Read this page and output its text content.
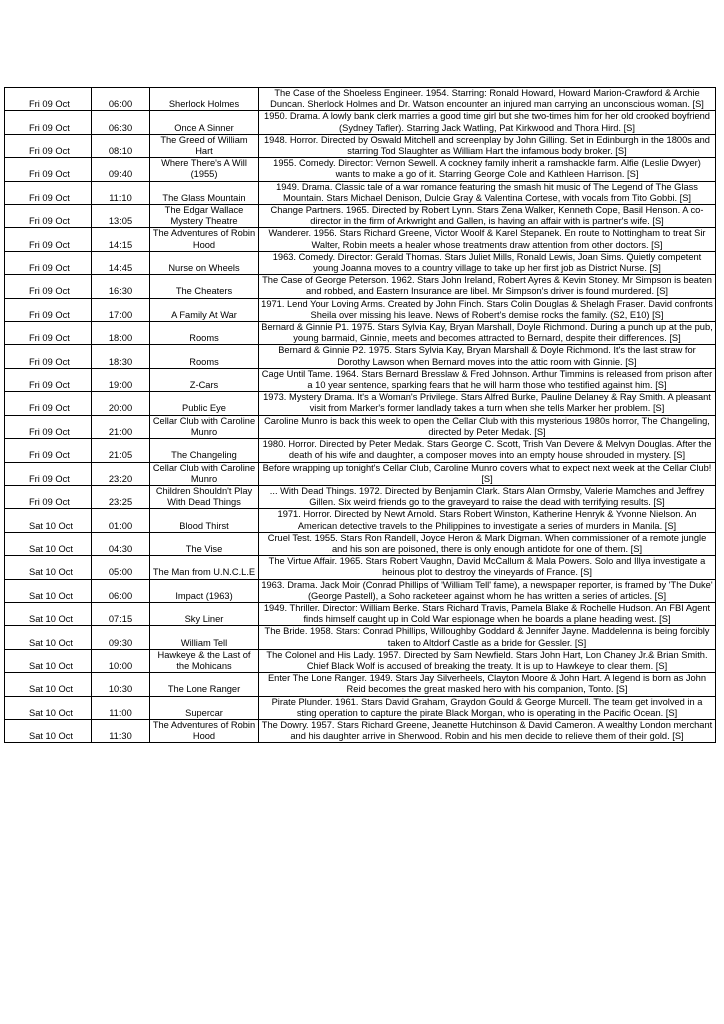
Fri 09 Oct	06:00	Sherlock Holmes	The Case of the Shoeless Engineer. 1954. Starring: Ronald Howard, Howard Marion-Crawford & Archie Duncan. Sherlock Holmes and Dr. Watson encounter an injured man carrying an unconscious woman. [S]
Fri 09 Oct	06:30	Once A Sinner	1950. Drama. A lowly bank clerk marries a good time girl but she two-times him for her old crooked boyfriend (Sydney Tafler). Starring Jack Watling, Pat Kirkwood and Thora Hird. [S]
Fri 09 Oct	08:10	The Greed of William Hart	1948. Horror. Directed by Oswald Mitchell and screenplay by John Gilling. Set in Edinburgh in the 1800s and starring Tod Slaughter as William Hart the infamous body broker. [S]
Fri 09 Oct	09:40	Where There's A Will (1955)	1955. Comedy. Director: Vernon Sewell. A cockney family inherit a ramshackle farm. Alfie (Leslie Dwyer) wants to make a go of it. Starring George Cole and Kathleen Harrison. [S]
Fri 09 Oct	11:10	The Glass Mountain	1949. Drama. Classic tale of a war romance featuring the smash hit music of The Legend of The Glass Mountain. Stars Michael Denison, Dulcie Gray & Valentina Cortese, with vocals from Tito Gobbi. [S]
Fri 09 Oct	13:05	The Edgar Wallace Mystery Theatre	Change Partners. 1965. Directed by Robert Lynn. Stars Zena Walker, Kenneth Cope, Basil Henson. A co-director in the firm of Arkwright and Gallen, is having an affair with is partner's wife. [S]
Fri 09 Oct	14:15	The Adventures of Robin Hood	Wanderer. 1956. Stars Richard Greene, Victor Woolf & Karel Stepanek. En route to Nottingham to treat Sir Walter, Robin meets a healer whose treatments draw attention from other doctors. [S]
Fri 09 Oct	14:45	Nurse on Wheels	1963. Comedy. Director: Gerald Thomas. Stars Juliet Mills, Ronald Lewis, Joan Sims. Quietly competent young Joanna moves to a country village to take up her first job as District Nurse. [S]
Fri 09 Oct	16:30	The Cheaters	The Case of George Peterson. 1962. Stars John Ireland, Robert Ayres & Kevin Stoney. Mr Simpson is beaten and robbed, and Eastern Insurance are libel. Mr Simpson's driver is found murdered. [S]
Fri 09 Oct	17:00	A Family At War	1971. Lend Your Loving Arms. Created by John Finch. Stars Colin Douglas & Shelagh Fraser. David confronts Sheila over missing his leave. News of Robert's demise rocks the family. (S2, E10) [S]
Fri 09 Oct	18:00	Rooms	Bernard & Ginnie P1. 1975. Stars Sylvia Kay, Bryan Marshall, Doyle Richmond. During a punch up at the pub, young barmaid, Ginnie, meets and becomes attracted to Bernard, despite their differences. [S]
Fri 09 Oct	18:30	Rooms	Bernard & Ginnie P2. 1975. Stars Sylvia Kay, Bryan Marshall & Doyle Richmond. It's the last straw for Dorothy Lawson when Bernard moves into the attic room with Ginnie. [S]
Fri 09 Oct	19:00	Z-Cars	Cage Until Tame. 1964. Stars Bernard Bresslaw & Fred Johnson. Arthur Timmins is released from prison after a 10 year sentence, sparking fears that he will harm those who testified against him. [S]
Fri 09 Oct	20:00	Public Eye	1973. Mystery Drama. It's a Woman's Privilege. Stars Alfred Burke, Pauline Delaney & Ray Smith. A pleasant visit from Marker's former landlady takes a turn when she tells Marker her problem. [S]
Fri 09 Oct	21:00	Cellar Club with Caroline Munro	Caroline Munro is back this week to open the Cellar Club with this mysterious 1980s horror, The Changeling, directed by Peter Medak. [S]
Fri 09 Oct	21:05	The Changeling	1980. Horror. Directed by Peter Medak. Stars George C. Scott, Trish Van Devere & Melvyn Douglas. After the death of his wife and daughter, a composer moves into an empty house shrouded in mystery. [S]
Fri 09 Oct	23:20	Cellar Club with Caroline Munro	Before wrapping up tonight's Cellar Club, Caroline Munro covers what to expect next week at the Cellar Club! [S]
Fri 09 Oct	23:25	Children Shouldn't Play With Dead Things	... With Dead Things. 1972. Directed by Benjamin Clark. Stars Alan Ormsby, Valerie Mamches and Jeffrey Gillen. Six weird friends go to the graveyard to raise the dead with terrifying results. [S]
Sat 10 Oct	01:00	Blood Thirst	1971. Horror. Directed by Newt Arnold. Stars Robert Winston, Katherine Henryk & Yvonne Nielson. An American detective travels to the Philippines to investigate a series of murders in Manila. [S]
Sat 10 Oct	04:30	The Vise	Cruel Test. 1955. Stars Ron Randell, Joyce Heron & Mark Digman. When commissioner of a remote jungle and his son are poisoned, there is only enough antidote for one of them. [S]
Sat 10 Oct	05:00	The Man from U.N.C.L.E	The Virtue Affair. 1965. Stars Robert Vaughn, David McCallum & Mala Powers. Solo and Illya investigate a heinous plot to destroy the vineyards of France. [S]
Sat 10 Oct	06:00	Impact (1963)	1963. Drama. Jack Moir (Conrad Phillips of 'William Tell' fame), a newspaper reporter, is framed by 'The Duke' (George Pastell), a Soho racketeer against whom he has written a series of articles. [S]
Sat 10 Oct	07:15	Sky Liner	1949. Thriller. Director: William Berke. Stars Richard Travis, Pamela Blake & Rochelle Hudson. An FBI Agent finds himself caught up in Cold War espionage when he boards a plane heading west. [S]
Sat 10 Oct	09:30	William Tell	The Bride. 1958. Stars: Conrad Phillips, Willoughby Goddard & Jennifer Jayne. Maddelenna is being forcibly taken to Altdorf Castle as a bride for Gessler. [S]
Sat 10 Oct	10:00	Hawkeye & the Last of the Mohicans	The Colonel and His Lady. 1957. Directed by Sam Newfield. Stars John Hart, Lon Chaney Jr.& Brian Smith. Chief Black Wolf is accused of breaking the treaty. It is up to Hawkeye to clear them. [S]
Sat 10 Oct	10:30	The Lone Ranger	Enter The Lone Ranger. 1949. Stars Jay Silverheels, Clayton Moore & John Hart. A legend is born as John Reid becomes the great masked hero with his companion, Tonto. [S]
Sat 10 Oct	11:00	Supercar	Pirate Plunder. 1961. Stars David Graham, Graydon Gould & George Murcell. The team get involved in a sting operation to capture the pirate Black Morgan, who is operating in the Pacific Ocean. [S]
Sat 10 Oct	11:30	The Adventures of Robin Hood	The Dowry. 1957. Stars Richard Greene, Jeanette Hutchinson & David Cameron. A wealthy London merchant and his daughter arrive in Sherwood. Robin and his men decide to relieve them of their gold. [S]
